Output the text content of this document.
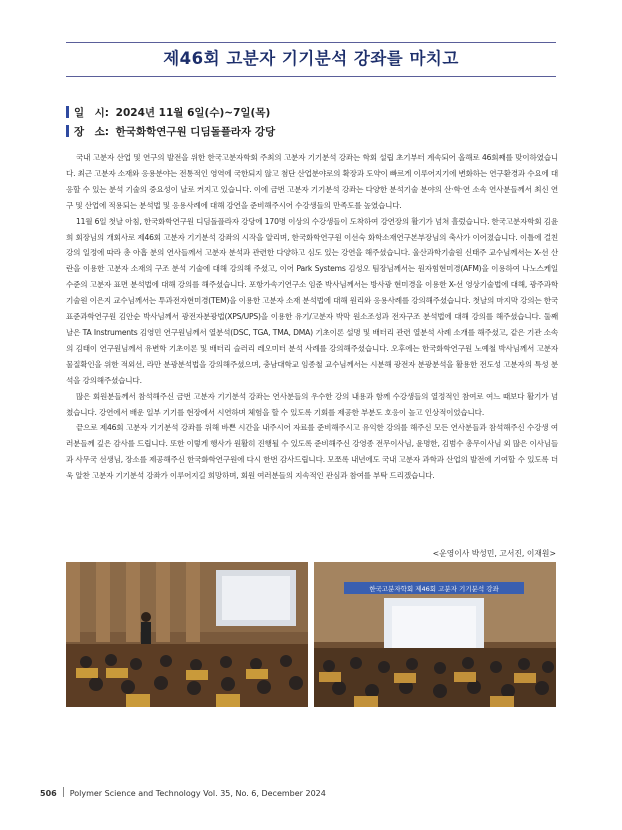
제46회 고분자 기기분석 강좌를 마치고
일　시: 2024년 11월 6일(수)~7일(목)
장　소: 한국화학연구원 디딤돌플라자 강당

국내 고분자 산업 및 연구의 발전을 위한 한국고분자학회 주최의 고분자 기기분석 강좌는 학회 설립 초기부터 계속되어 올해로 46회째를 맞이하였습니다. 최근 고분자 소재와 응용분야는 전통적인 영역에 국한되지 않고 첨단 산업분야로의 확장과 도약이 빠르게 이루어지기에 변화하는 연구환경과 수요에 대응할 수 있는 분석 기술의 중요성이 날로 커지고 있습니다. 이에 금번 고분자 기기분석 강좌는 다양한 분석기술 분야의 산·학·연 소속 연사분들께서 최신 연구 및 산업에 적용되는 분석법 및 응용사례에 대해 강연을 준비해주시어 수강생들의 만족도를 높였습니다.

11월 6일 첫날 아침, 한국화학연구원 디딤돌플라자 강당에 170명 이상의 수강생들이 도착하여 강연장의 활기가 넘쳐 흘렀습니다. 한국고분자학회 김윤희 회장님의 개회사로 제46회 고분자 기기분석 강좌의 시작을 알리며, 한국화학연구원 이선숙 화학소재연구본부장님의 축사가 이어졌습니다. 이틀에 걸친 강의 일정에 따라 총 아홉 분의 연사들께서 고분자 분석과 관련한 다양하고 심도 있는 강연을 해주셨습니다. 울산과학기술원 신태주 교수님께서는 X-선 산란을 이용한 고분자 소재의 구조 분석 기술에 대해 강의해 주셨고, 이어 Park Systems 김성오 팀장님께서는 원자힘현미경(AFM)을 이용하여 나노스케일 수준의 고분자 표면 분석법에 대해 강의를 해주셨습니다. 포항가속기연구소 임준 박사님께서는 방사광 현미경을 이용한 X-선 영상기술법에 대해, 광주과학기술원 이은지 교수님께서는 투과전자현미경(TEM)을 이용한 고분자 소재 분석법에 대해 원리와 응용사례를 강의해주셨습니다. 첫날의 마지막 강의는 한국표준과학연구원 김안순 박사님께서 광전자분광법(XPS/UPS)을 이용한 유기/고분자 박막 원소조성과 전자구조 분석법에 대해 강의를 해주셨습니다. 둘째 날은 TA Instruments 김영민 연구원님께서 열분석(DSC, TGA, TMA, DMA) 기초이론 설명 및 배터리 관련 열분석 사례 소개를 해주셨고, 같은 기관 소속의 김태이 연구원님께서 유변학 기초이론 및 배터리 슬러리 레오미터 분석 사례를 강의해주셨습니다. 오후에는 한국화학연구원 노예철 박사님께서 고분자 물질확인을 위한 적외선, 라만 분광분석법을 강의해주셨으며, 충남대학교 임종철 교수님께서는 시분해 광전자 분광분석을 활용한 전도성 고분자의 특성 분석을 강의해주셨습니다.

많은 회원분들께서 참석해주신 금번 고분자 기기분석 강좌는 연사분들의 우수한 강의 내용과 함께 수강생들의 열정적인 참여로 여느 때보다 활기가 넘쳤습니다. 강연에서 배운 일부 기기를 현장에서 시연하며 체험을 할 수 있도록 기회를 제공한 부분도 호응이 높고 인상적이었습니다.

끝으로 제46회 고분자 기기분석 강좌를 위해 바쁜 시간을 내주시어 자료를 준비해주시고 유익한 강의를 해주신 모든 연사분들과 참석해주신 수강생 여러분들께 깊은 감사를 드립니다. 또한 이렇게 행사가 원활히 진행될 수 있도록 준비해주신 강영종 전무이사님, 윤명한, 김범수 총무이사님 외 많은 이사님들과 사무국 선생님, 장소를 제공해주신 한국화학연구원에 다시 한번 감사드립니다. 모쪼록 내년에도 국내 고분자 과학과 산업의 발전에 기여할 수 있도록 더욱 알찬 고분자 기기분석 강좌가 이루어지길 희망하며, 회원 여러분들의 지속적인 관심과 참여를 부탁 드리겠습니다.

<운영이사 박성민, 고서진, 이재원>
한국고분자학회 제46회 고분자 기기분석 강좌
506 Polymer Science and Technology Vol. 35, No. 6, December 2024
